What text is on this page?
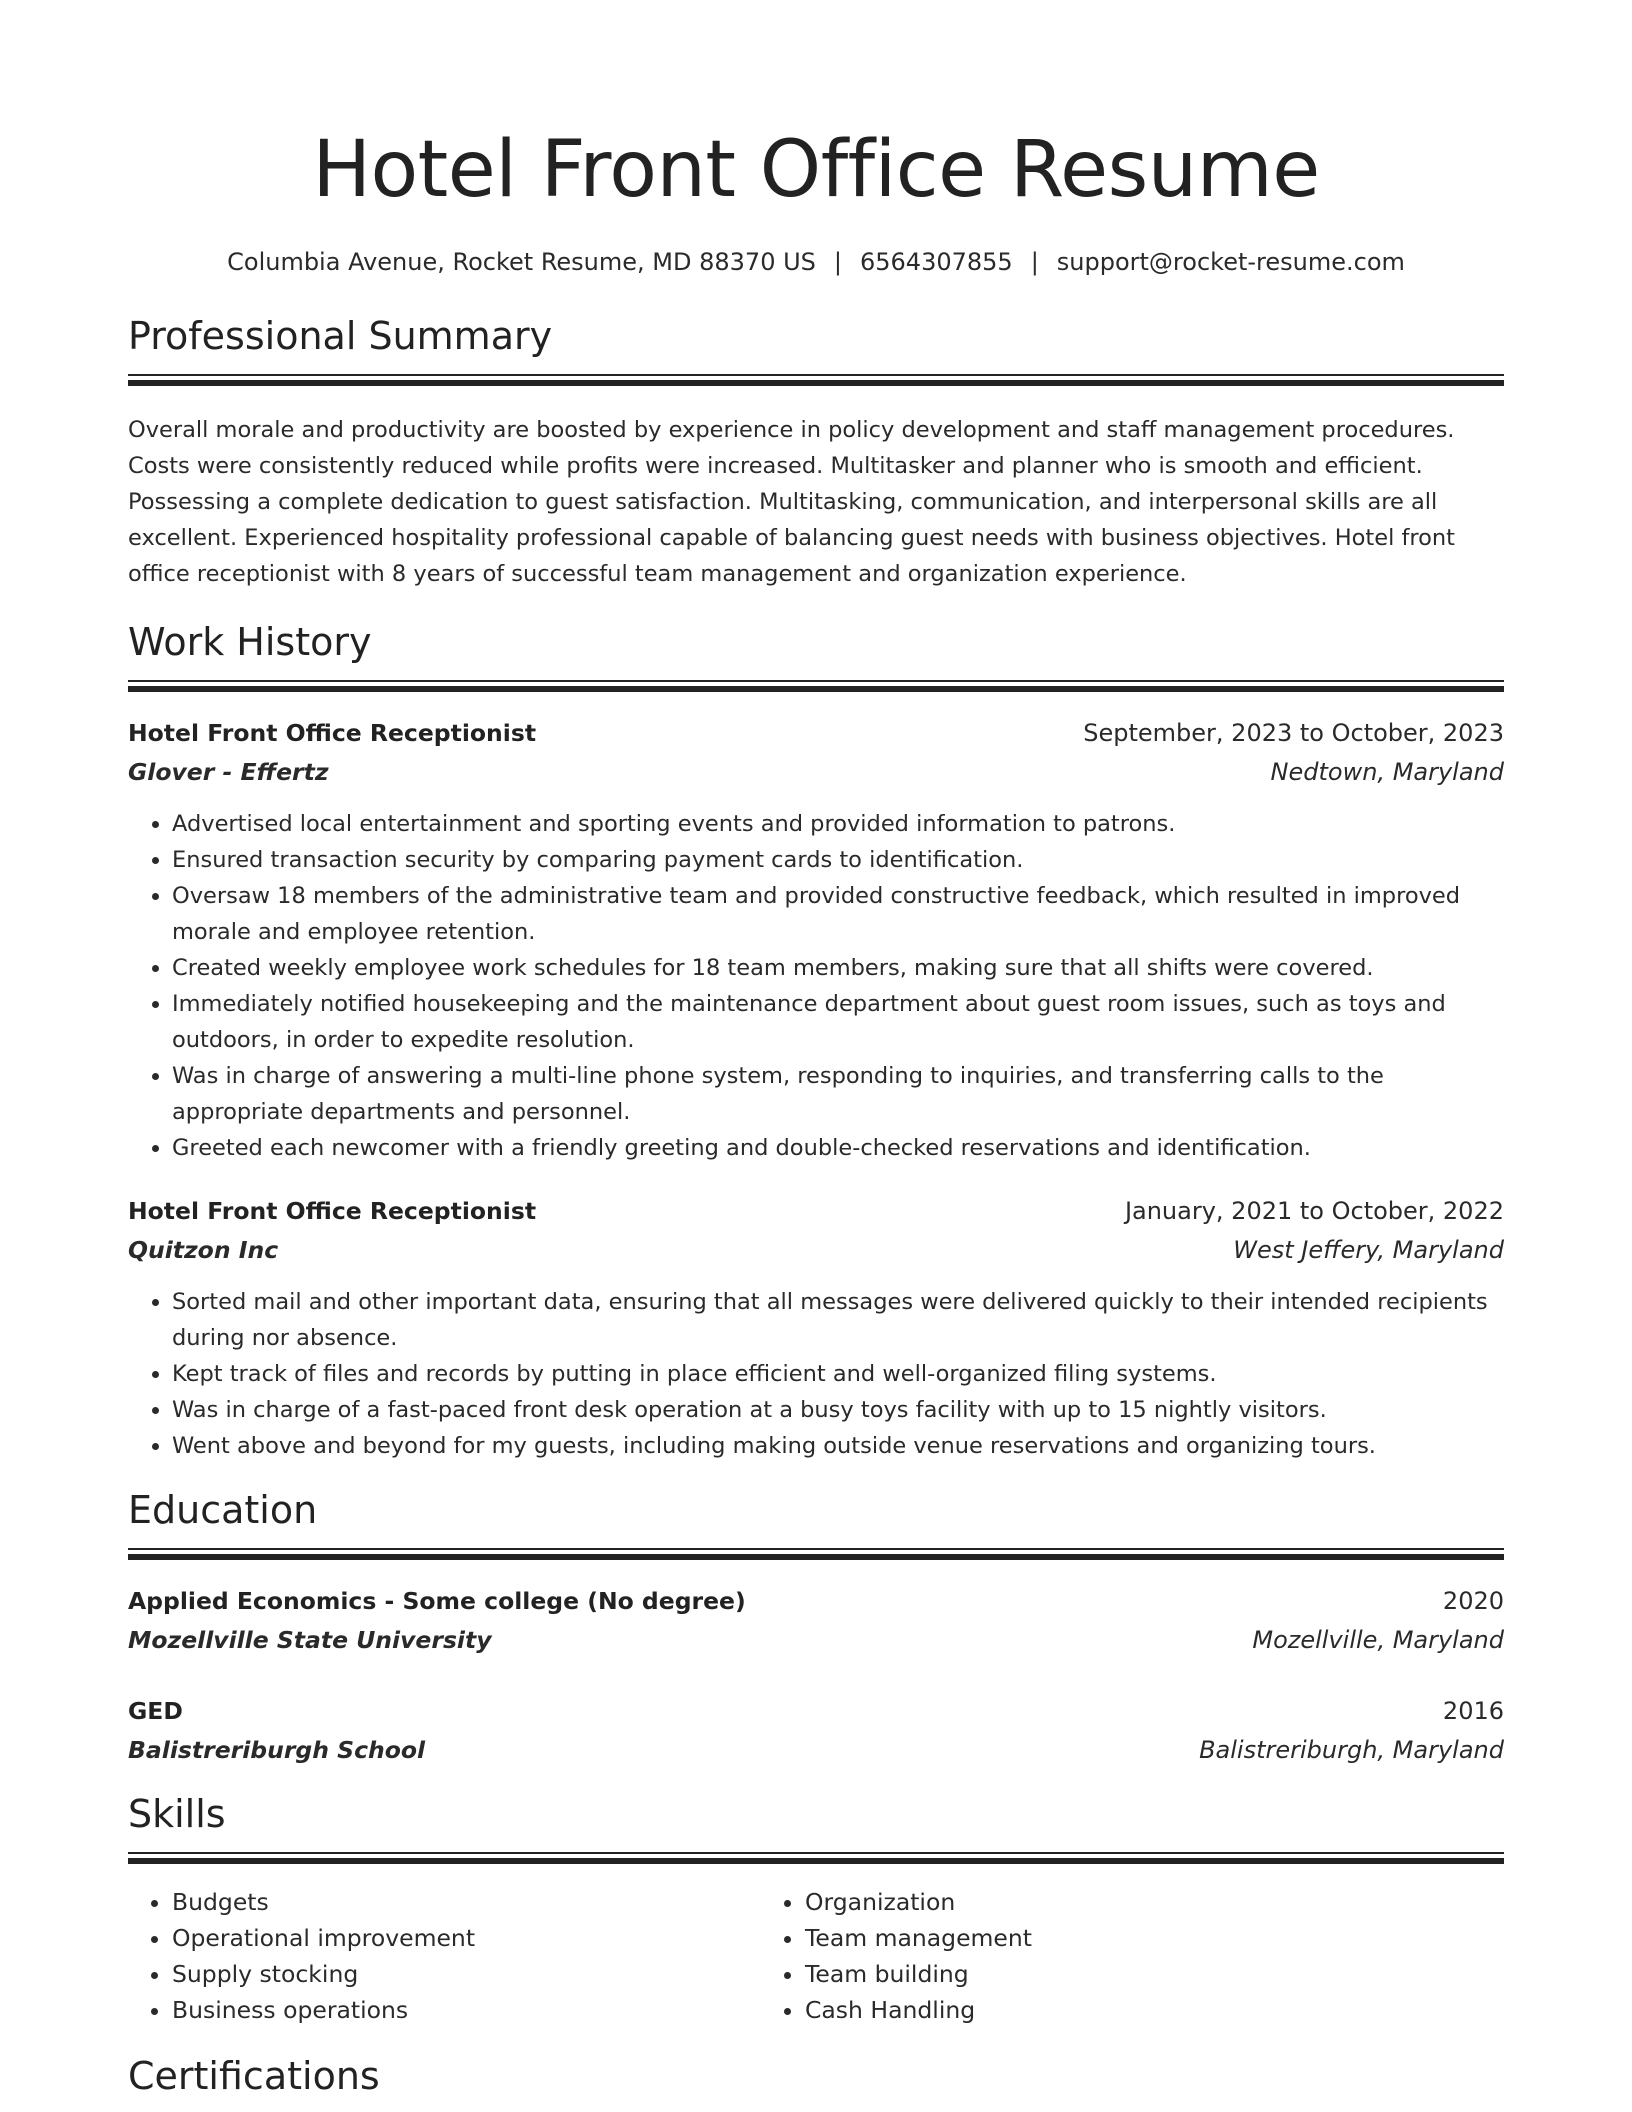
Hotel Front Office Resume
Columbia Avenue, Rocket Resume, MD 88370 US | 6564307855 | support@rocket-resume.com
Professional Summary

Overall morale and productivity are boosted by experience in policy development and staff management procedures. Costs were consistently reduced while profits were increased. Multitasker and planner who is smooth and efficient. Possessing a complete dedication to guest satisfaction. Multitasking, communication, and interpersonal skills are all excellent. Experienced hospitality professional capable of balancing guest needs with business objectives. Hotel front office receptionist with 8 years of successful team management and organization experience.

Work History
Hotel Front Office Receptionist	September, 2023 to October, 2023
Glover - Effertz	Nedtown, Maryland
• Advertised local entertainment and sporting events and provided information to patrons.
• Ensured transaction security by comparing payment cards to identification.
• Oversaw 18 members of the administrative team and provided constructive feedback, which resulted in improved morale and employee retention.
• Created weekly employee work schedules for 18 team members, making sure that all shifts were covered.
• Immediately notified housekeeping and the maintenance department about guest room issues, such as toys and outdoors, in order to expedite resolution.
• Was in charge of answering a multi-line phone system, responding to inquiries, and transferring calls to the appropriate departments and personnel.
• Greeted each newcomer with a friendly greeting and double-checked reservations and identification.
Hotel Front Office Receptionist	January, 2021 to October, 2022
Quitzon Inc	West Jeffery, Maryland
• Sorted mail and other important data, ensuring that all messages were delivered quickly to their intended recipients during nor absence.
• Kept track of files and records by putting in place efficient and well-organized filing systems.
• Was in charge of a fast-paced front desk operation at a busy toys facility with up to 15 nightly visitors.
• Went above and beyond for my guests, including making outside venue reservations and organizing tours.
Education
Applied Economics - Some college (No degree)	2020
Mozellville State University	Mozellville, Maryland
GED	2016
Balistreriburgh School	Balistreriburgh, Maryland
Skills
• Budgets
• Operational improvement
• Supply stocking
• Business operations
• Organization
• Team management
• Team building
• Cash Handling
Certifications
